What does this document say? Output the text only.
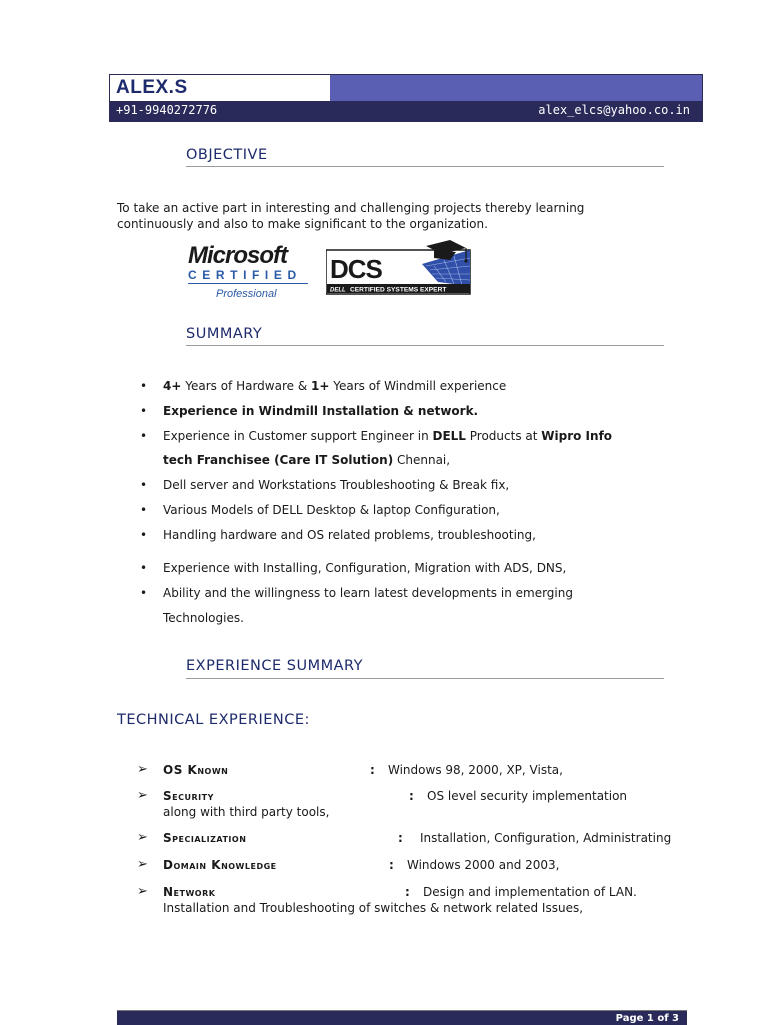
ALEX.S
+91-9940272776	alex_elcs@yahoo.co.in
OBJECTIVE
To take an active part in interesting and challenging projects thereby learning
continuously and also to make significant to the organization.
Microsoft
CERTIFIED
Professional
DCS
DELL CERTIFIED SYSTEMS EXPERT
SUMMARY
• 4+ Years of Hardware & 1+ Years of Windmill experience
• Experience in Windmill Installation & network.
• Experience in Customer support Engineer in DELL Products at Wipro Info
tech Franchisee (Care IT Solution) Chennai,
• Dell server and Workstations Troubleshooting & Break fix,
• Various Models of DELL Desktop & laptop Configuration,
• Handling hardware and OS related problems, troubleshooting,
• Experience with Installing, Configuration, Migration with ADS, DNS,
• Ability and the willingness to learn latest developments in emerging
Technologies.
EXPERIENCE SUMMARY
TECHNICAL EXPERIENCE:
➢ OS Known	: Windows 98, 2000, XP, Vista,
➢ Security	: OS level security implementation
along with third party tools,
➢ Specialization	: Installation, Configuration, Administrating
➢ Domain Knowledge	: Windows 2000 and 2003,
➢ Network	: Design and implementation of LAN.
Installation and Troubleshooting of switches & network related Issues,
Page 1 of 3
